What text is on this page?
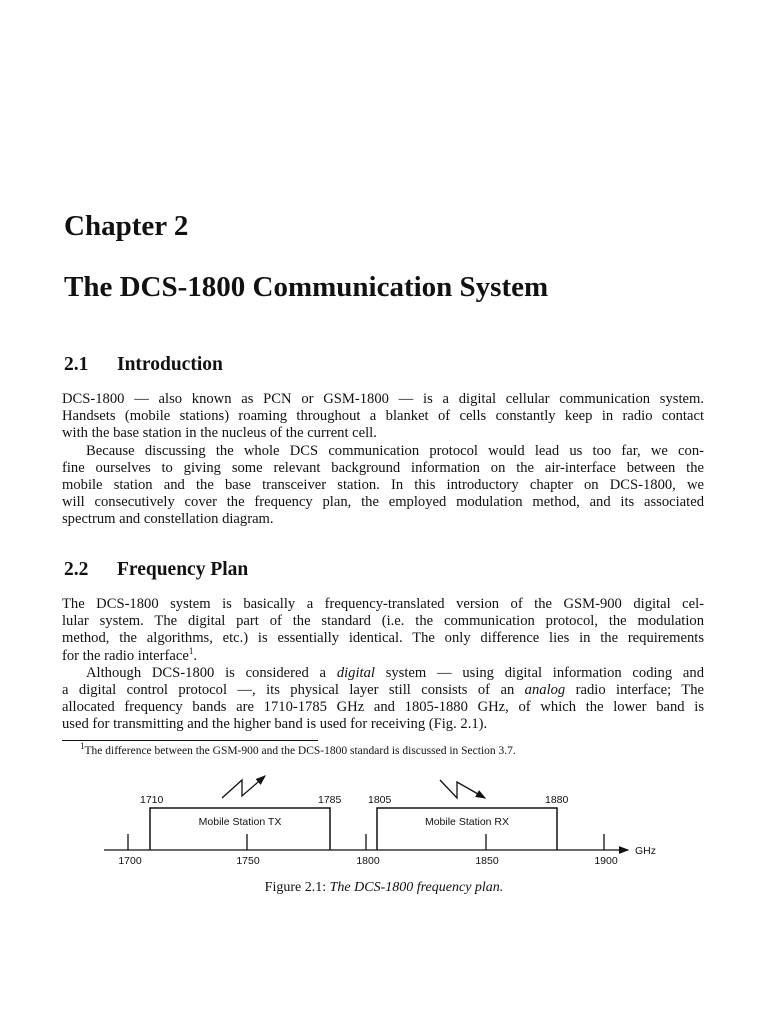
Chapter 2
The DCS-1800 Communication System
2.1 Introduction
DCS-1800 — also known as PCN or GSM-1800 — is a digital cellular communication system.
Handsets (mobile stations) roaming throughout a blanket of cells constantly keep in radio contact
with the base station in the nucleus of the current cell.
Because discussing the whole DCS communication protocol would lead us too far, we con-
fine ourselves to giving some relevant background information on the air-interface between the
mobile station and the base transceiver station. In this introductory chapter on DCS-1800, we
will consecutively cover the frequency plan, the employed modulation method, and its associated
spectrum and constellation diagram.
2.2 Frequency Plan
The DCS-1800 system is basically a frequency-translated version of the GSM-900 digital cel-
lular system. The digital part of the standard (i.e. the communication protocol, the modulation
method, the algorithms, etc.) is essentially identical. The only difference lies in the requirements
for the radio interface$^1$.
Although DCS-1800 is considered a digital system — using digital information coding and
a digital control protocol —, its physical layer still consists of an analog radio interface; The
allocated frequency bands are 1710-1785 GHz and 1805-1880 GHz, of which the lower band is
used for transmitting and the higher band is used for receiving (Fig. 2.1).

$^1$The difference between the GSM-900 and the DCS-1800 standard is discussed in Section 3.7.

1710	1785	1805	1880
Mobile Station TX	Mobile Station RX
1700	1750	1800	1850	1900
GHz

Figure 2.1: The DCS-1800 frequency plan.
